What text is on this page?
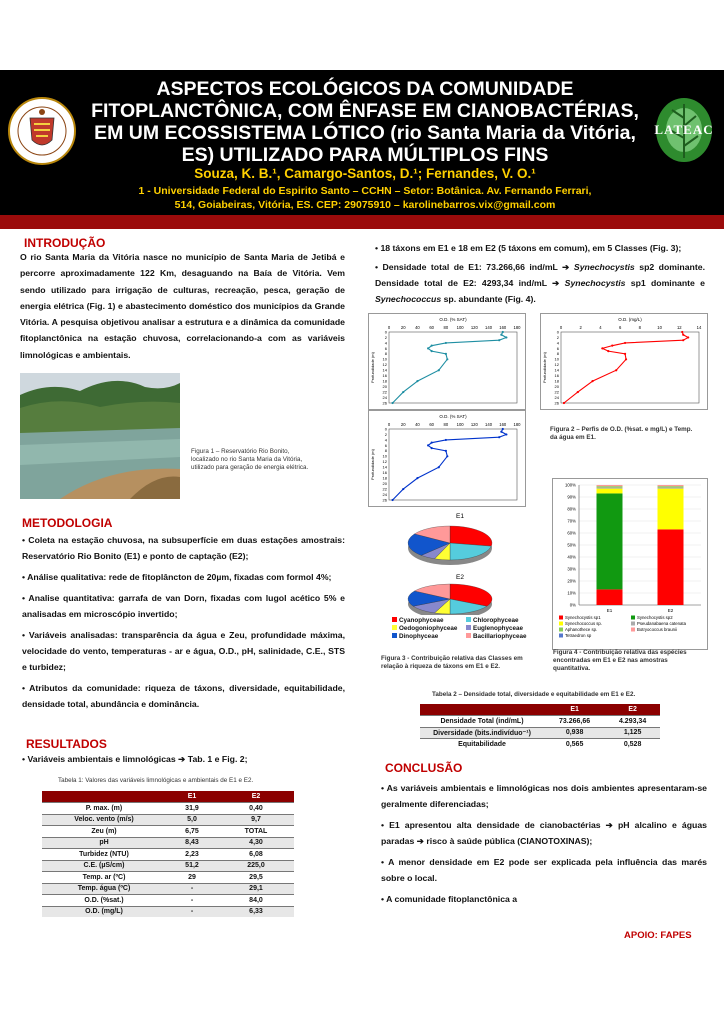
LATEAC
ASPECTOS ECOLÓGICOS DA COMUNIDADE
FITOPLANCTÔNICA, COM ÊNFASE EM CIANOBACTÉRIAS,
EM UM ECOSSISTEMA LÓTICO (rio Santa Maria da Vitória,
ES) UTILIZADO PARA MÚLTIPLOS FINS
Souza, K. B.¹, Camargo-Santos, D.¹; Fernandes, V. O.¹
1 - Universidade Federal do Espirito Santo – CCHN – Setor: Botânica. Av. Fernando Ferrari,
514, Goiabeiras, Vitória, ES. CEP: 29075910 – karolinebarros.vix@gmail.com
INTRODUÇÃO
O rio Santa Maria da Vitória nasce no município de Santa Maria de Jetibá e percorre aproximadamente 122 Km, desaguando na Baía de Vitória. Vem sendo utilizado para irrigação de culturas, recreação, pesca, geração de energia elétrica (Fig. 1) e abastecimento doméstico dos municípios da Grande Vitória. A pesquisa objetivou analisar a estrutura e a dinâmica da comunidade fitoplanctônica na estação chuvosa, correlacionando-a com as variáveis limnológicas e ambientais.
Figura 1 – Reservatório Rio Bonito, localizado no rio Santa Maria da Vitória, utilizado para geração de energia elétrica.
METODOLOGIA
• Coleta na estação chuvosa, na subsuperfície em duas estações amostrais: Reservatório Rio Bonito (E1) e ponto de captação (E2);
• Análise qualitativa: rede de fitoplâncton de 20µm, fixadas com formol 4%;
• Analise quantitativa: garrafa de van Dorn, fixadas com lugol acético 5% e analisadas em microscópio invertido;
• Variáveis analisadas: transparência da água e Zeu, profundidade máxima, velocidade do vento, temperaturas - ar e água, O.D., pH, salinidade, C.E., STS e turbidez;
• Atributos da comunidade: riqueza de táxons, diversidade, equitabilidade, densidade total, abundância e dominância.
RESULTADOS
• Variáveis ambientais e limnológicas ➔ Tab. 1 e Fig. 2;
Tabela 1: Valores das variáveis limnológicas e ambientais de E1 e E2.
	E1	E2
P. max. (m)	31,9	0,40
Veloc. vento (m/s)	5,0	9,7
Zeu (m)	6,75	TOTAL
pH	8,43	4,30
Turbidez (NTU)	2,23	6,08
C.E. (µS/cm)	51,2	225,0
Temp. ar (ºC)	29	29,5
Temp. água (ºC)	-	29,1
O.D. (%sat.)	-	84,0
O.D. (mg/L)	-	6,33
• 18 táxons em E1 e 18 em E2 (5 táxons em comum), em 5 Classes (Fig. 3);
• Densidade total de E1: 73.266,66 ind/mL ➔ Synechocystis sp2 dominante. Densidade total de E2: 4293,34 ind/mL ➔ Synechocystis sp1 dominante e Synechococcus sp. abundante (Fig. 4).
O.D. (% SAT)
0	20 40 60 80 100 120 140 160 180
0
2
4
6
8
10
12
14
16
18
20
22
24
26
Profundidade (m)
O.D. (mg/L)
0	2	4	6	8	10	12	14
0
2
4
6
8
10
12
14
16
18
20
22
24
26
Profundidade (m)
O.D. (% SAT)
0	20 40 60 80 100 120 140 160 180
0
2
4
6
8
10
12
14
16
18
20
22
24
26
Profundidade (m)
Figura 2 – Perfis de O.D. (%sat. e mg/L) e Temp. da água em E1.
E1
E2
Cyanophyceae	ChlorophyceaeOedogoniophyceae EuglenophyceaeDinophyceae	Bacillariophyceae
Figura 3 - Contribuição relativa das Classes em relação à riqueza de táxons em E1 e E2.
0%
10%
20%
30%
40%
50%
60%
70%
80%
90%
100%
E1	E2
Synechocystis sp1	Synechocystis sp2
Synechococcus sp.	Pseudanabaena catenata
Aphanothece sp.	Botryococcus braunii
Tetraedron sp
Figura 4 - Contribuição relativa das espécies encontradas em E1 e E2 nas amostras quantitativa.
Tabela 2 – Densidade total, diversidade e equitabilidade em E1 e E2.
	E1	E2
Densidade Total (ind/mL)	73.266,66	4.293,34
Diversidade (bits.indivíduo⁻¹)	0,938	1,125
Equitabilidade	0,565	0,528
CONCLUSÃO
• As variáveis ambientais e limnológicas nos dois ambientes apresentaram-se geralmente diferenciadas;
• E1 apresentou alta densidade de cianobactérias ➔ pH alcalino e águas paradas ➔ risco à saúde pública (CIANOTOXINAS);
• A menor densidade em E2 pode ser explicada pela influência das marés sobre o local.
• A comunidade fitoplanctônica a
APOIO: FAPES
